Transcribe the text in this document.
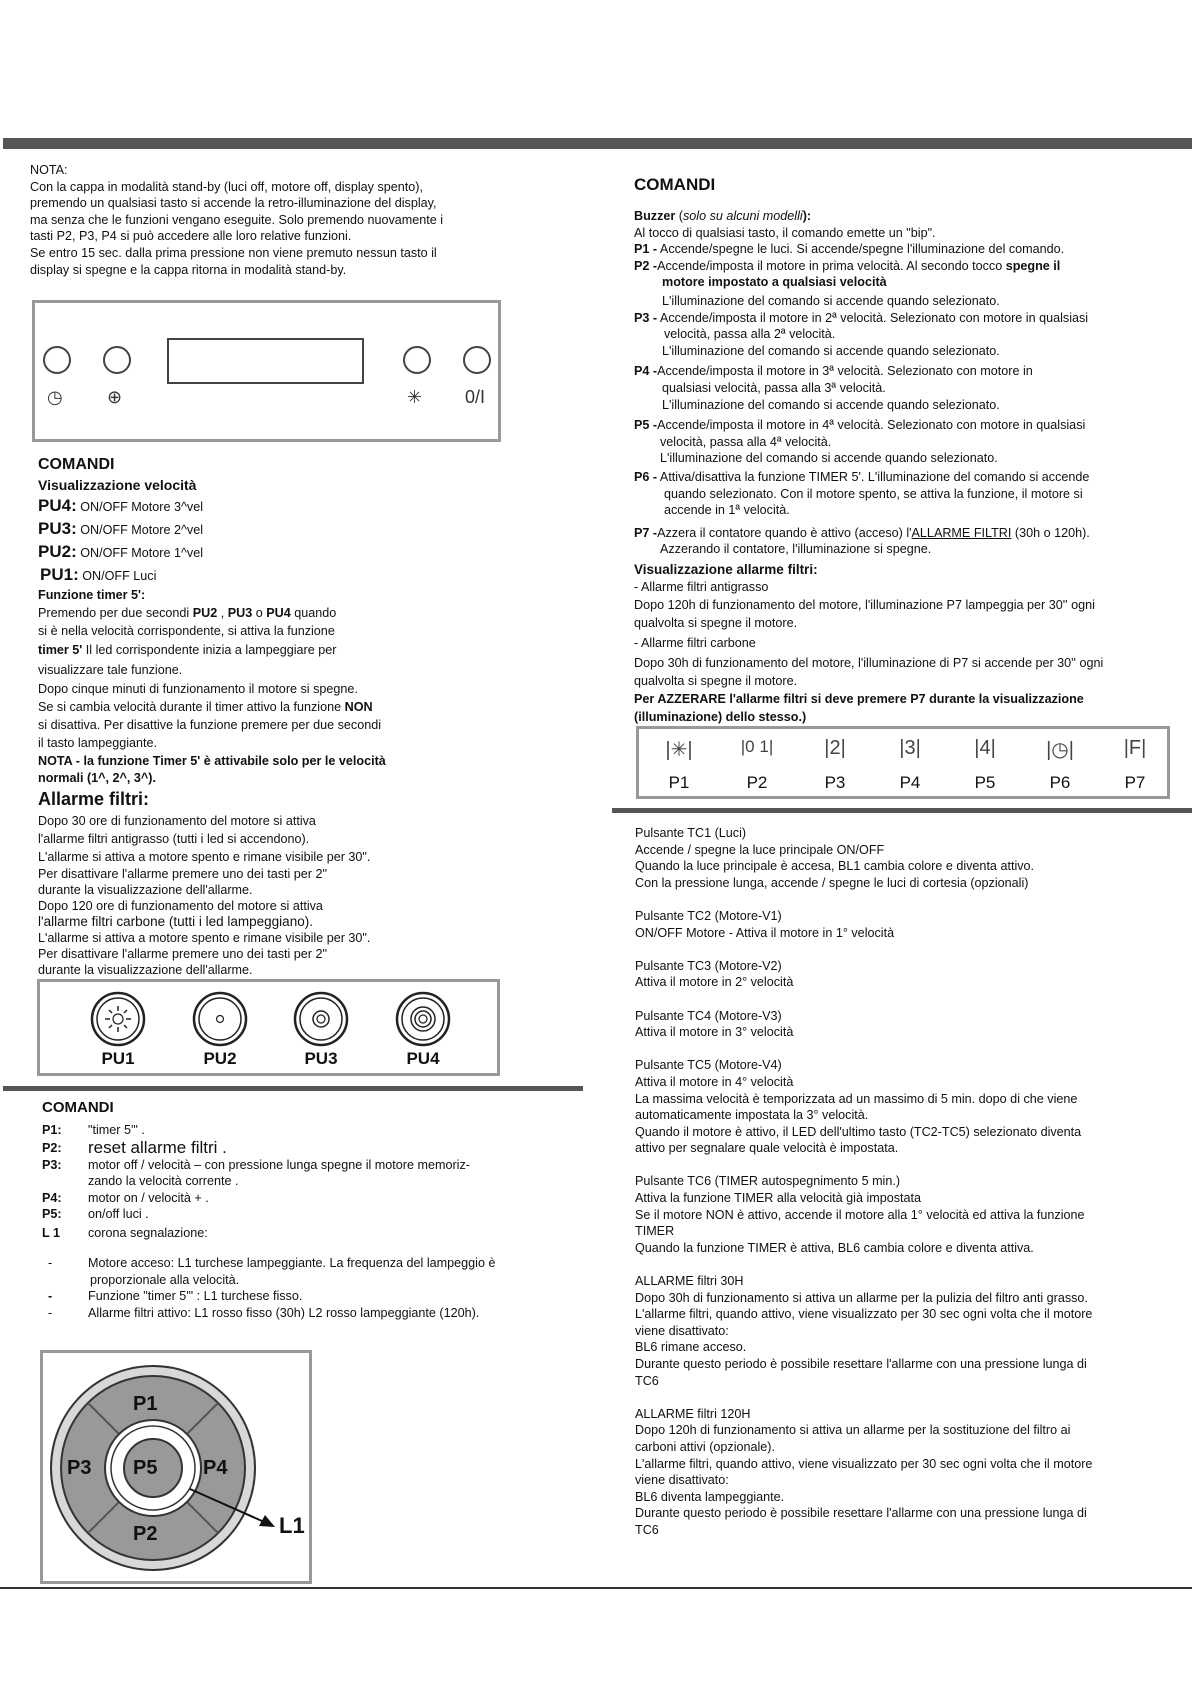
NOTA:

Con la cappa in modalità stand-by (luci off, motore off, display spento),

premendo un qualsiasi tasto si accende la retro-illuminazione del display,

ma senza che le funzioni vengano eseguite. Solo premendo nuovamente i

tasti P2, P3, P4 si può accedere alle loro relative funzioni.

Se entro 15 sec. dalla prima pressione non viene premuto nessun tasto il

display si spegne e la cappa ritorna in modalità stand-by.

◷ ⊕	✳ 0/I

COMANDI

Visualizzazione velocità

PU4: ON/OFF Motore 3^vel

PU3: ON/OFF Motore 2^vel

PU2: ON/OFF Motore 1^vel

PU1: ON/OFF Luci

Funzione timer 5':

Premendo per due secondi PU2 , PU3 o PU4 quando

si è nella velocità corrispondente, si attiva la funzione

timer 5' Il led corrispondente inizia a lampeggiare per

visualizzare tale funzione.

Dopo cinque minuti di funzionamento il motore si spegne.

Se si cambia velocità durante il timer attivo la funzione NON

si disattiva. Per disattive la funzione premere per due secondi

il tasto lampeggiante.

NOTA - la funzione Timer 5' è attivabile solo per le velocità

normali (1^, 2^, 3^).

Allarme filtri:

Dopo 30 ore di funzionamento del motore si attiva

l'allarme filtri antigrasso (tutti i led si accendono).

L'allarme si attiva a motore spento e rimane visibile per 30".

Per disattivare l'allarme premere uno dei tasti per 2"

durante la visualizzazione dell'allarme.

Dopo 120 ore di funzionamento del motore si attiva

l'allarme filtri carbone (tutti i led lampeggiano).

L'allarme si attiva a motore spento e rimane visibile per 30".

Per disattivare l'allarme premere uno dei tasti per 2"

durante la visualizzazione dell'allarme.

PU1	PU2	PU3	PU4

COMANDI

P1:	"timer 5'" .
P2:	reset allarme filtri .
P3:	motor off / velocità – con pressione lunga spegne il motore memoriz-
zando la velocità corrente .
P4:	motor on / velocità + .
P5:	on/off luci .
L 1	corona segnalazione:
-	Motore acceso: L1 turchese lampeggiante. La frequenza del lampeggio è
proporzionale alla velocità.
-	Funzione "timer 5'" : L1 turchese fisso.
-	Allarme filtri attivo: L1 rosso fisso (30h) L2 rosso lampeggiante (120h).
P1
P2
P3	P4
P5
L1

COMANDI

Buzzer (solo su alcuni modelli):

Al tocco di qualsiasi tasto, il comando emette un "bip".

P1 - Accende/spegne le luci. Si accende/spegne l'illuminazione del comando.

P2 -Accende/imposta il motore in prima velocità. Al secondo tocco spegne il

motore impostato a qualsiasi velocità

L'illuminazione del comando si accende quando selezionato.

P3 - Accende/imposta il motore in 2ª velocità. Selezionato con motore in qualsiasi

velocità, passa alla 2ª velocità.

L'illuminazione del comando si accende quando selezionato.

P4 -Accende/imposta il motore in 3ª velocità. Selezionato con motore in

qualsiasi velocità, passa alla 3ª velocità.

L'illuminazione del comando si accende quando selezionato.

P5 -Accende/imposta il motore in 4ª velocità. Selezionato con motore in qualsiasi

velocità, passa alla 4ª velocità.

L'illuminazione del comando si accende quando selezionato.

P6 - Attiva/disattiva la funzione TIMER 5'. L'illuminazione del comando si accende

quando selezionato. Con il motore spento, se attiva la funzione, il motore si

accende in 1ª velocità.

P7 -Azzera il contatore quando è attivo (acceso) l'ALLARME FILTRI (30h o 120h).

Azzerando il contatore, l'illuminazione si spegne.

Visualizzazione allarme filtri:

- Allarme filtri antigrasso

Dopo 120h di funzionamento del motore, l'illuminazione P7 lampeggia per 30'' ogni

qualvolta si spegne il motore.

- Allarme filtri carbone

Dopo 30h di funzionamento del motore, l'illuminazione di P7 si accende per 30'' ogni

qualvolta si spegne il motore.

Per AZZERARE l'allarme filtri si deve premere P7 durante la visualizzazione

(illuminazione) dello stesso.)

|✳|	|0 1|	|2|	|3|	|4|	|◷|	|F|
P1	P2	P3	P4	P5	P6	P7

Pulsante TC1 (Luci)

Accende / spegne la luce principale ON/OFF

Quando la luce principale è accesa, BL1 cambia colore e diventa attivo.

Con la pressione lunga, accende / spegne le luci di cortesia (opzionali)

Pulsante TC2 (Motore-V1)

ON/OFF Motore - Attiva il motore in 1° velocità

Pulsante TC3 (Motore-V2)

Attiva il motore in 2° velocità

Pulsante TC4 (Motore-V3)

Attiva il motore in 3° velocità

Pulsante TC5 (Motore-V4)

Attiva il motore in 4° velocità

La massima velocità è temporizzata ad un massimo di 5 min. dopo di che viene

automaticamente impostata la 3° velocità.

Quando il motore è attivo, il LED dell'ultimo tasto (TC2-TC5) selezionato diventa

attivo per segnalare quale velocità è impostata.

Pulsante TC6 (TIMER autospegnimento 5 min.)

Attiva la funzione TIMER alla velocità già impostata

Se il motore NON è attivo, accende il motore alla 1° velocità ed attiva la funzione

TIMER

Quando la funzione TIMER è attiva, BL6 cambia colore e diventa attiva.

ALLARME filtri 30H

Dopo 30h di funzionamento si attiva un allarme per la pulizia del filtro anti grasso.

L'allarme filtri, quando attivo, viene visualizzato per 30 sec ogni volta che il motore

viene disattivato:

BL6 rimane acceso.

Durante questo periodo è possibile resettare l'allarme con una pressione lunga di

TC6

ALLARME filtri 120H

Dopo 120h di funzionamento si attiva un allarme per la sostituzione del filtro ai

carboni attivi (opzionale).

L'allarme filtri, quando attivo, viene visualizzato per 30 sec ogni volta che il motore

viene disattivato:

BL6 diventa lampeggiante.

Durante questo periodo è possibile resettare l'allarme con una pressione lunga di

TC6
